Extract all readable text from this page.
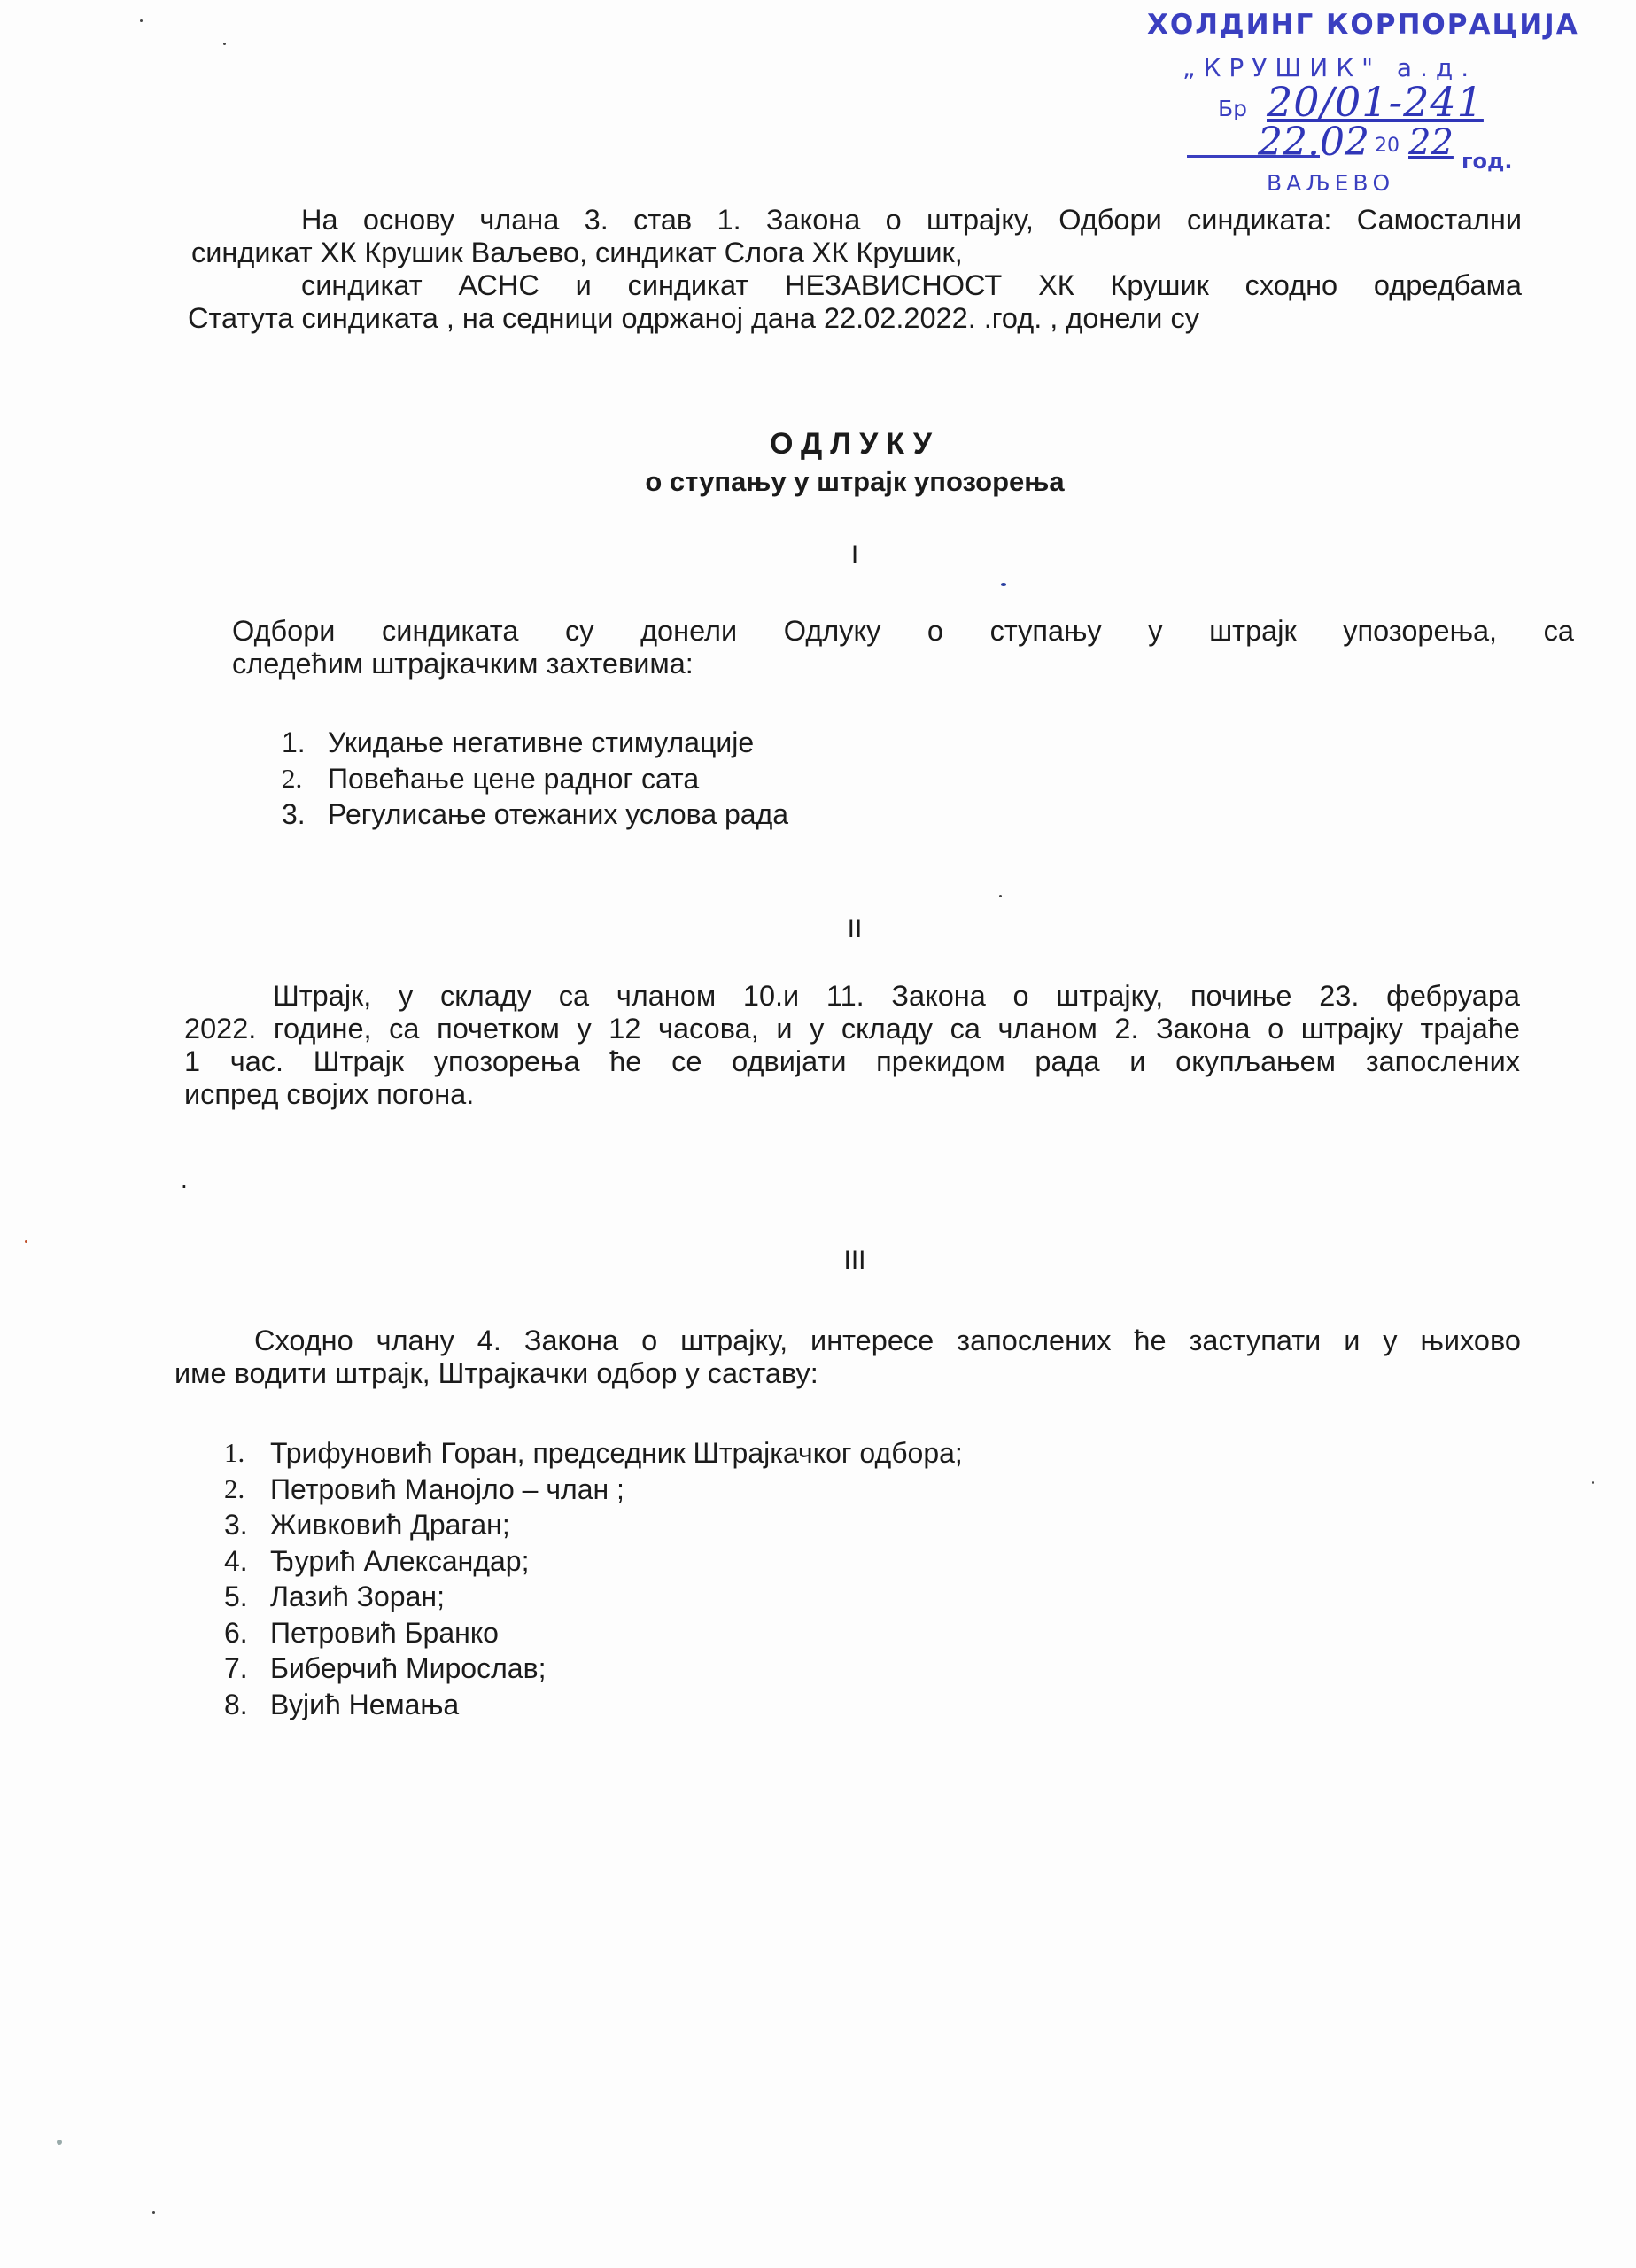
ХОЛДИНГ КОРПОРАЦИЈА
„КРУШИК" а.д.
Бр 20/01-241
22.02 20 22 год.
ВАЉЕВО
На основу члана 3. став 1. Закона о штрајку, Одбори синдиката: Самостални
синдикат ХК Крушик Ваљево, синдикат Слога ХК Крушик,
синдикат АСНС и синдикат НЕЗАВИСНОСТ ХК Крушик сходно одредбама
Статута синдиката , на седници одржаној дана 22.02.2022. .год. , донели су
ОДЛУКУ
о ступању у штрајк упозорења
I
Одбори синдиката су донели Одлуку о ступању у штрајк упозорења, са
следећим штрајкачким захтевима:
1. Укидање негативне стимулације
2. Повећање цене радног сата
3. Регулисање отежаних услова рада
II
Штрајк, у складу са чланом 10.и 11. Закона о штрајку, почиње 23. фебруара
2022. године, са почетком у 12 часова, и у складу са чланом 2. Закона о штрајку трајаће
1 час. Штрајк упозорења ће се одвијати прекидом рада и окупљањем запослених
испред својих погона.
.
III
Сходно члану 4. Закона о штрајку, интересе запослених ће заступати и у њихово
име водити штрајк, Штрајкачки одбор у саставу:
1. Трифуновић Горан, председник Штрајкачког одбора;
2. Петровић Манојло – члан ;
3. Живковић Драган;
4. Ђурић Александар;
5. Лазић Зоран;
6. Петровић Бранко
7. Биберчић Мирослав;
8. Вујић Немања
